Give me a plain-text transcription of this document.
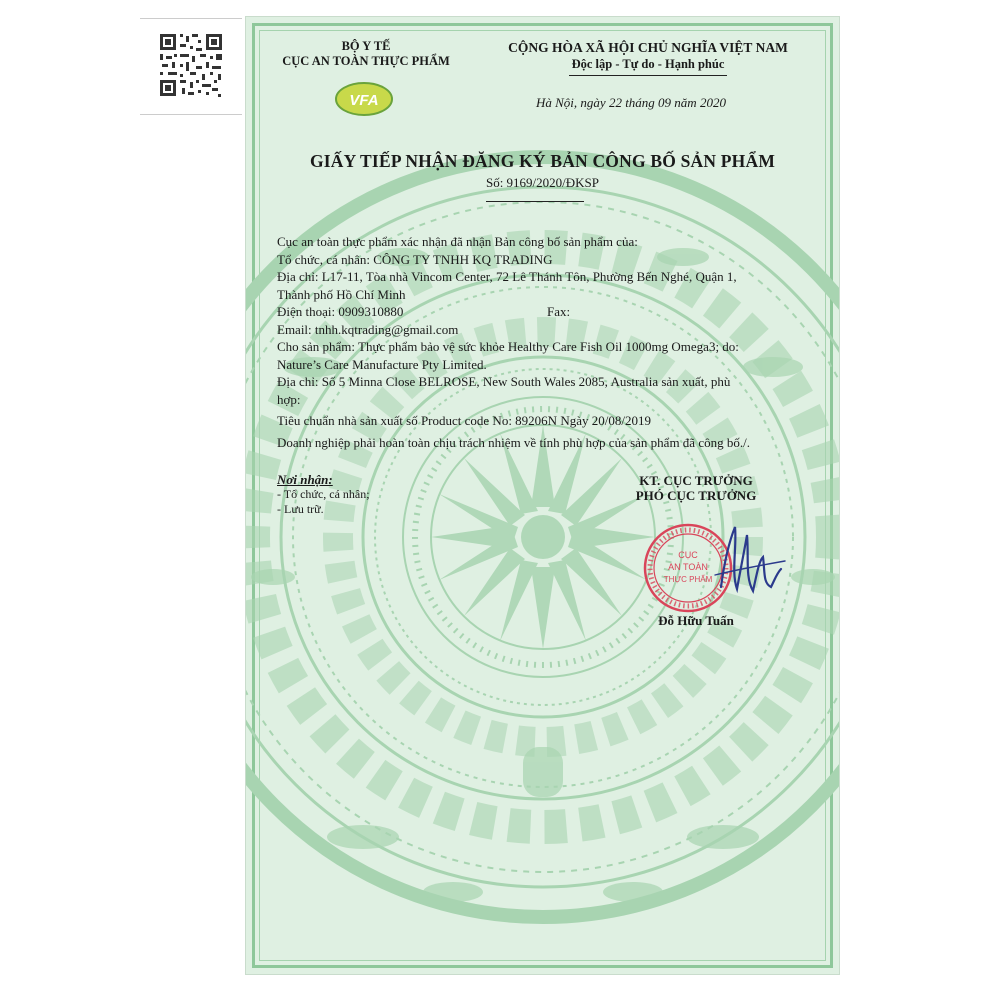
VFA
BỘ Y TẾ
CỤC AN TOÀN THỰC PHẨM
CỘNG HÒA XÃ HỘI CHỦ NGHĨA VIỆT NAM
Độc lập - Tự do - Hạnh phúc
Hà Nội, ngày 22 tháng 09 năm 2020
GIẤY TIẾP NHẬN ĐĂNG KÝ BẢN CÔNG BỐ SẢN PHẨM
Số: 9169/2020/ĐKSP

Cục an toàn thực phẩm xác nhận đã nhận Bản công bố sản phẩm của:

Tổ chức, cá nhân: CÔNG TY TNHH KQ TRADING

Địa chỉ: L17-11, Tòa nhà Vincom Center, 72 Lê Thánh Tôn, Phường Bến Nghé, Quận 1,

Thành phố Hồ Chí Minh

Điện thoại: 0909310880	Fax:

Email: tnhh.kqtrading@gmail.com

Cho sản phẩm: Thực phẩm bảo vệ sức khỏe Healthy Care Fish Oil 1000mg Omega3; do:

Nature’s Care Manufacture Pty Limited.

Địa chỉ: Số 5 Minna Close BELROSE, New South Wales 2085, Australia sản xuất, phù

hợp:

Tiêu chuẩn nhà sản xuất số Product code No: 89206N Ngày 20/08/2019

Doanh nghiệp phải hoàn toàn chịu trách nhiệm về tính phù hợp của sản phẩm đã công bố./.

Nơi nhận:
- Tổ chức, cá nhân;
- Lưu trữ.
KT. CỤC TRƯỞNG
PHÓ CỤC TRƯỞNG
CỤC
AN TOÀN
THỰC PHẨM
Đỗ Hữu Tuấn
